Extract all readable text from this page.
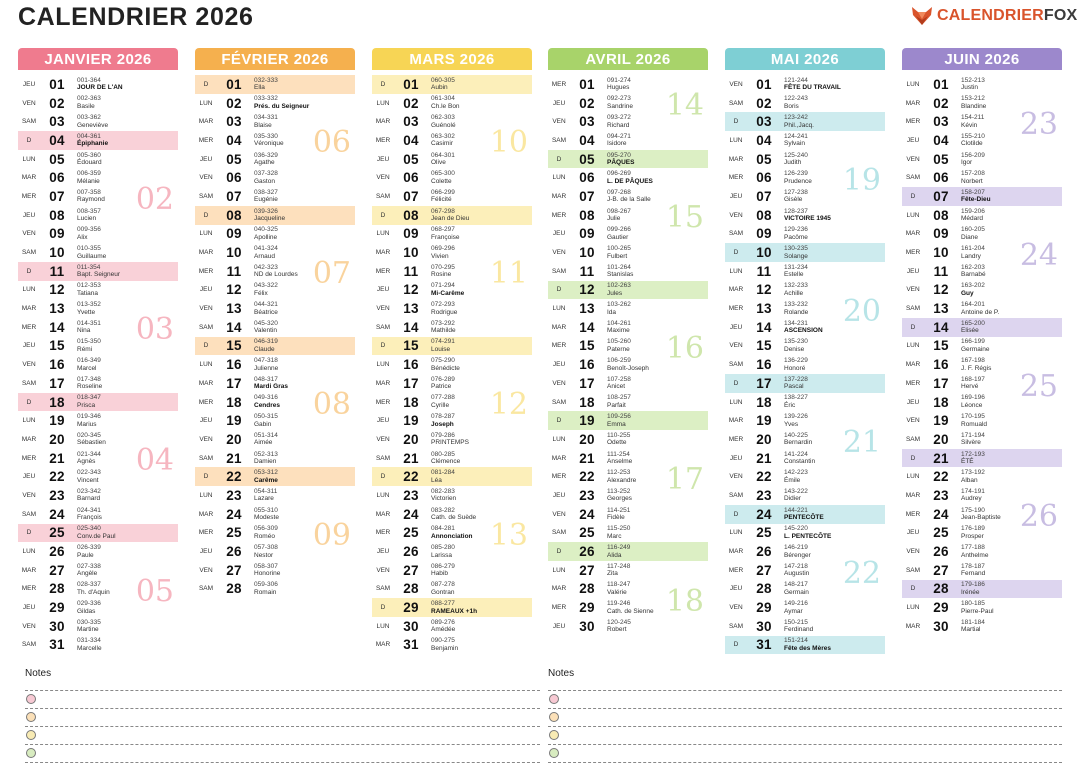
CALENDRIER 2026	CALENDRIER FOX
JANVIER 2026
JEU	01	001-364
JOUR DE L'AN
VEN	02	002-363
Basile
SAM 03	003-362
Geneviève
D	04	004-361
Épiphanie
LUN	05	005-360
Édouard
MAR 06	006-359
Mélanie
MER 07	007-358
Raymond
JEU	08	008-357
Lucien
VEN	09	009-356
Alix
SAM 10	010-355
Guillaume
D	11	011-354
Bapt. Seigneur
LUN	12	012-353
Tatiana
MAR 13	013-352
Yvette
MER 14	014-351
Nina
JEU	15	015-350
Rémi
VEN	16	016-349
Marcel
SAM 17	017-348
Roseline
D	18	018-347
Prisca
LUN	19	019-346
Marius
MAR 20	020-345
Sébastien
MER 21	021-344
Agnès
JEU	22	022-343
Vincent
VEN	23	023-342
Barnard
SAM 24	024-341
François
D	25	025-340
Conv.de Paul
LUN	26	026-339
Paule
MAR 27	027-338
Angèle
MER 28	028-337
Th. d'Aquin
JEU	29	029-336
Gildas
VEN	30	030-335
Martine
SAM 31	031-334
Marcelle
02
03
04
05
FÉVRIER 2026
D	01	032-333
Ella
LUN	02	033-332
Prés. du Seigneur
MAR 03	034-331
Blaise
MER 04	035-330
Véronique
JEU	05	036-329
Agathe
VEN	06	037-328
Gaston
SAM 07	038-327
Eugénie
D	08	039-326
Jacqueline
LUN	09	040-325
Apolline
MAR 10	041-324
Arnaud
MER 11	042-323
ND de Lourdes
JEU	12	043-322
Félix
VEN	13	044-321
Béatrice
SAM 14	045-320
Valentin
D	15	046-319
Claude
LUN	16	047-318
Julienne
MAR 17	048-317
Mardi Gras
MER 18	049-316
Cendres
JEU	19	050-315
Gabin
VEN	20	051-314
Aimée
SAM 21	052-313
Damien
D	22	053-312
Carême
LUN	23	054-311
Lazare
MAR 24	055-310
Modeste
MER 25	056-309
Roméo
JEU	26	057-308
Nestor
VEN	27	058-307
Honorine
SAM 28	059-306
Romain
06
07
08
09
MARS 2026
D	01	060-305
Aubin
LUN	02	061-304
Ch.le Bon
MAR 03	062-303
Guénolé
MER 04	063-302
Casimir
JEU	05	064-301
Olive
VEN	06	065-300
Colette
SAM 07	066-299
Félicité
D	08	067-298
Jean de Dieu
LUN	09	068-297
Françoise
MAR 10	069-296
Vivien
MER 11	070-295
Rosine
JEU	12	071-294
Mi-Carême
VEN	13	072-293
Rodrigue
SAM 14	073-292
Mathilde
D	15	074-291
Louise
LUN	16	075-290
Bénédicte
MAR 17	076-289
Patrice
MER 18	077-288
Cyrille
JEU	19	078-287
Joseph
VEN	20	079-286
PRINTEMPS
SAM 21	080-285
Clémence
D	22	081-284
Léa
LUN	23	082-283
Victorien
MAR 24	083-282
Cath. de Suède
MER 25	084-281
Annonciation
JEU	26	085-280
Larissa
VEN	27	086-279
Habib
SAM 28	087-278
Gontran
D	29	088-277
RAMEAUX +1h
LUN	30	089-276
Amédée
MAR 31	090-275
Benjamin
10
11
12
13
AVRIL 2026
MER 01	091-274
Hugues
JEU	02	092-273
Sandrine
VEN	03	093-272
Richard
SAM 04	094-271
Isidore
D	05	095-270
PÂQUES
LUN	06	096-269
L. DE PÂQUES
MAR 07	097-268
J-B. de la Salle
MER 08	098-267
Julie
JEU	09	099-266
Gautier
VEN	10	100-265
Fulbert
SAM	11	101-264
Stanislas
D	12	102-263
Jules
LUN	13	103-262
Ida
MAR 14	104-261
Maxime
MER 15	105-260
Paterne
JEU	16	106-259
Benoît-Joseph
VEN	17	107-258
Anicet
SAM 18	108-257
Parfait
D	19	109-256
Emma
LUN	20	110-255
Odette
MAR 21	111-254
Anselme
MER 22	112-253
Alexandre
JEU	23	113-252
Georges
VEN	24	114-251
Fidèle
SAM 25	115-250
Marc
D	26	116-249
Alida
LUN	27	117-248
Zita
MAR 28	118-247
Valérie
MER 29	119-246
Cath. de Sienne
JEU	30	120-245
Robert
14
15
16
17
18
MAI 2026
VEN	01	121-244
FÊTE DU TRAVAIL
SAM 02	122-243
Boris
D	03	123-242
Phil.,Jacq.
LUN	04	124-241
Sylvain
MAR 05	125-240
Judith
MER 06	126-239
Prudence
JEU	07	127-238
Gisèle
VEN	08	128-237
VICTOIRE 1945
SAM 09	129-236
Pacôme
D	10	130-235
Solange
LUN	11	131-234
Estelle
MAR 12	132-233
Achille
MER 13	133-232
Rolande
JEU	14	134-231
ASCENSION
VEN	15	135-230
Denise
SAM 16	136-229
Honoré
D	17	137-228
Pascal
LUN	18	138-227
Éric
MAR 19	139-226
Yves
MER 20	140-225
Bernardin
JEU	21	141-224
Constantin
VEN	22	142-223
Émile
SAM 23	143-222
Didier
D	24	144-221
PENTECÔTE
LUN	25	145-220
L. PENTECÔTE
MAR 26	146-219
Bérenger
MER 27	147-218
Augustin
JEU	28	148-217
Germain
VEN	29	149-216
Aymar
SAM 30	150-215
Ferdinand
D	31	151-214
Fête des Mères
19
20
21
22
JUIN 2026
LUN	01	152-213
Justin
MAR 02	153-212
Blandine
MER 03	154-211
Kévin
JEU	04	155-210
Clotilde
VEN	05	156-209
Igor
SAM 06	157-208
Norbert
D	07	158-207
Fête-Dieu
LUN	08	159-206
Médard
MAR 09	160-205
Diane
MER 10	161-204
Landry
JEU	11	162-203
Barnabé
VEN	12	163-202
Guy
SAM 13	164-201
Antoine de P.
D	14	165-200
Elisée
LUN	15	166-199
Germaine
MAR 16	167-198
J. F. Régis
MER 17	168-197
Hervé
JEU	18	169-196
Léonce
VEN	19	170-195
Romuald
SAM 20	171-194
Silvère
D	21	172-193
ÉTÉ
LUN	22	173-192
Alban
MAR 23	174-191
Audrey
MER 24	175-190
Jean-Baptiste
JEU	25	176-189
Prosper
VEN	26	177-188
Anthelme
SAM 27	178-187
Fernand
D	28	179-186
Irénée
LUN	29	180-185
Pierre-Paul
MAR 30	181-184
Martial
23
24
25
26
Notes	Notes
